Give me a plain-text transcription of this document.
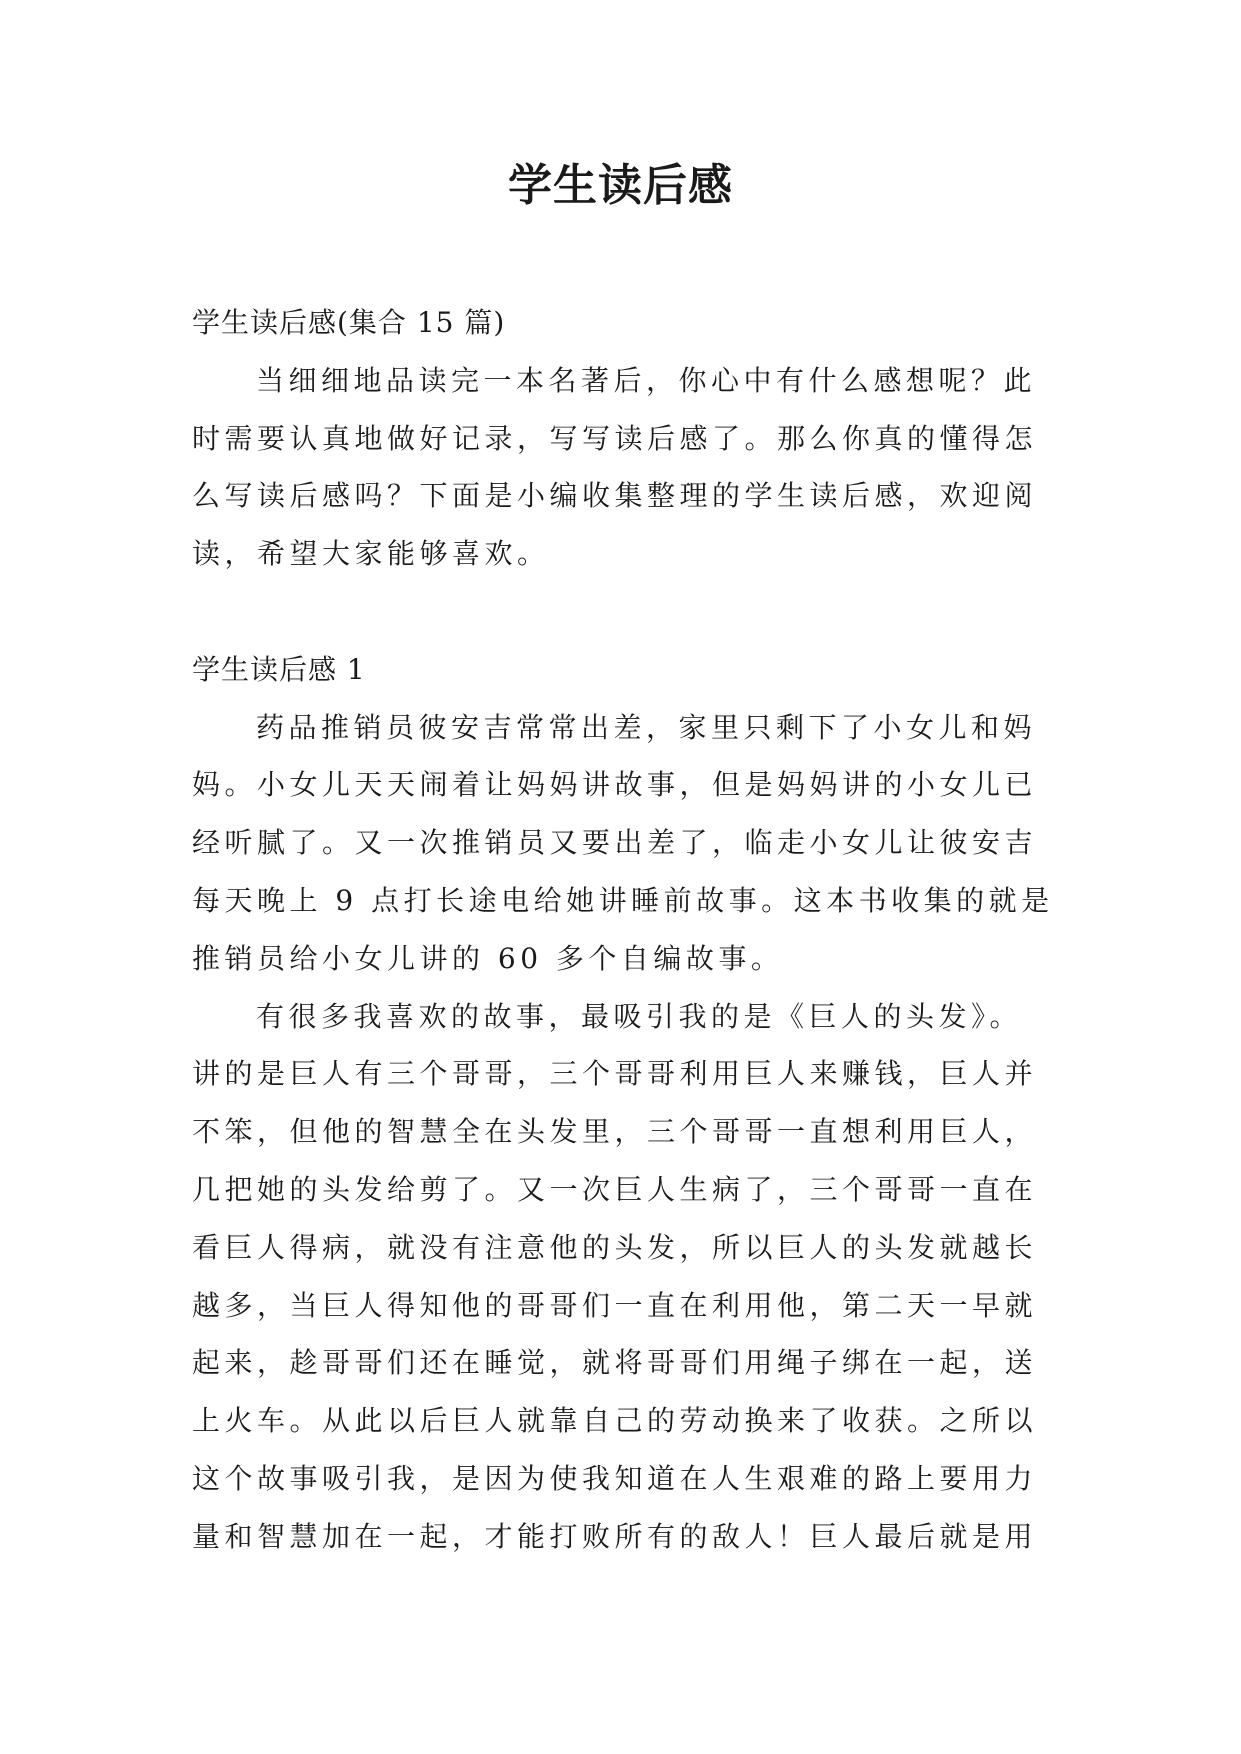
学生读后感
学生读后感(集合 15 篇)
当细细地品读完一本名著后，你心中有什么感想呢？此
时需要认真地做好记录，写写读后感了。那么你真的懂得怎
么写读后感吗？下面是小编收集整理的学生读后感，欢迎阅
读，希望大家能够喜欢。
学生读后感 1
药品推销员彼安吉常常出差，家里只剩下了小女儿和妈
妈。小女儿天天闹着让妈妈讲故事，但是妈妈讲的小女儿已
经听腻了。又一次推销员又要出差了，临走小女儿让彼安吉
每天晚上 9 点打长途电给她讲睡前故事。这本书收集的就是
推销员给小女儿讲的 60 多个自编故事。
有很多我喜欢的故事，最吸引我的是《巨人的头发》。
讲的是巨人有三个哥哥，三个哥哥利用巨人来赚钱，巨人并
不笨，但他的智慧全在头发里，三个哥哥一直想利用巨人，
几把她的头发给剪了。又一次巨人生病了，三个哥哥一直在
看巨人得病，就没有注意他的头发，所以巨人的头发就越长
越多，当巨人得知他的哥哥们一直在利用他，第二天一早就
起来，趁哥哥们还在睡觉，就将哥哥们用绳子绑在一起，送
上火车。从此以后巨人就靠自己的劳动换来了收获。之所以
这个故事吸引我，是因为使我知道在人生艰难的路上要用力
量和智慧加在一起，才能打败所有的敌人！巨人最后就是用
